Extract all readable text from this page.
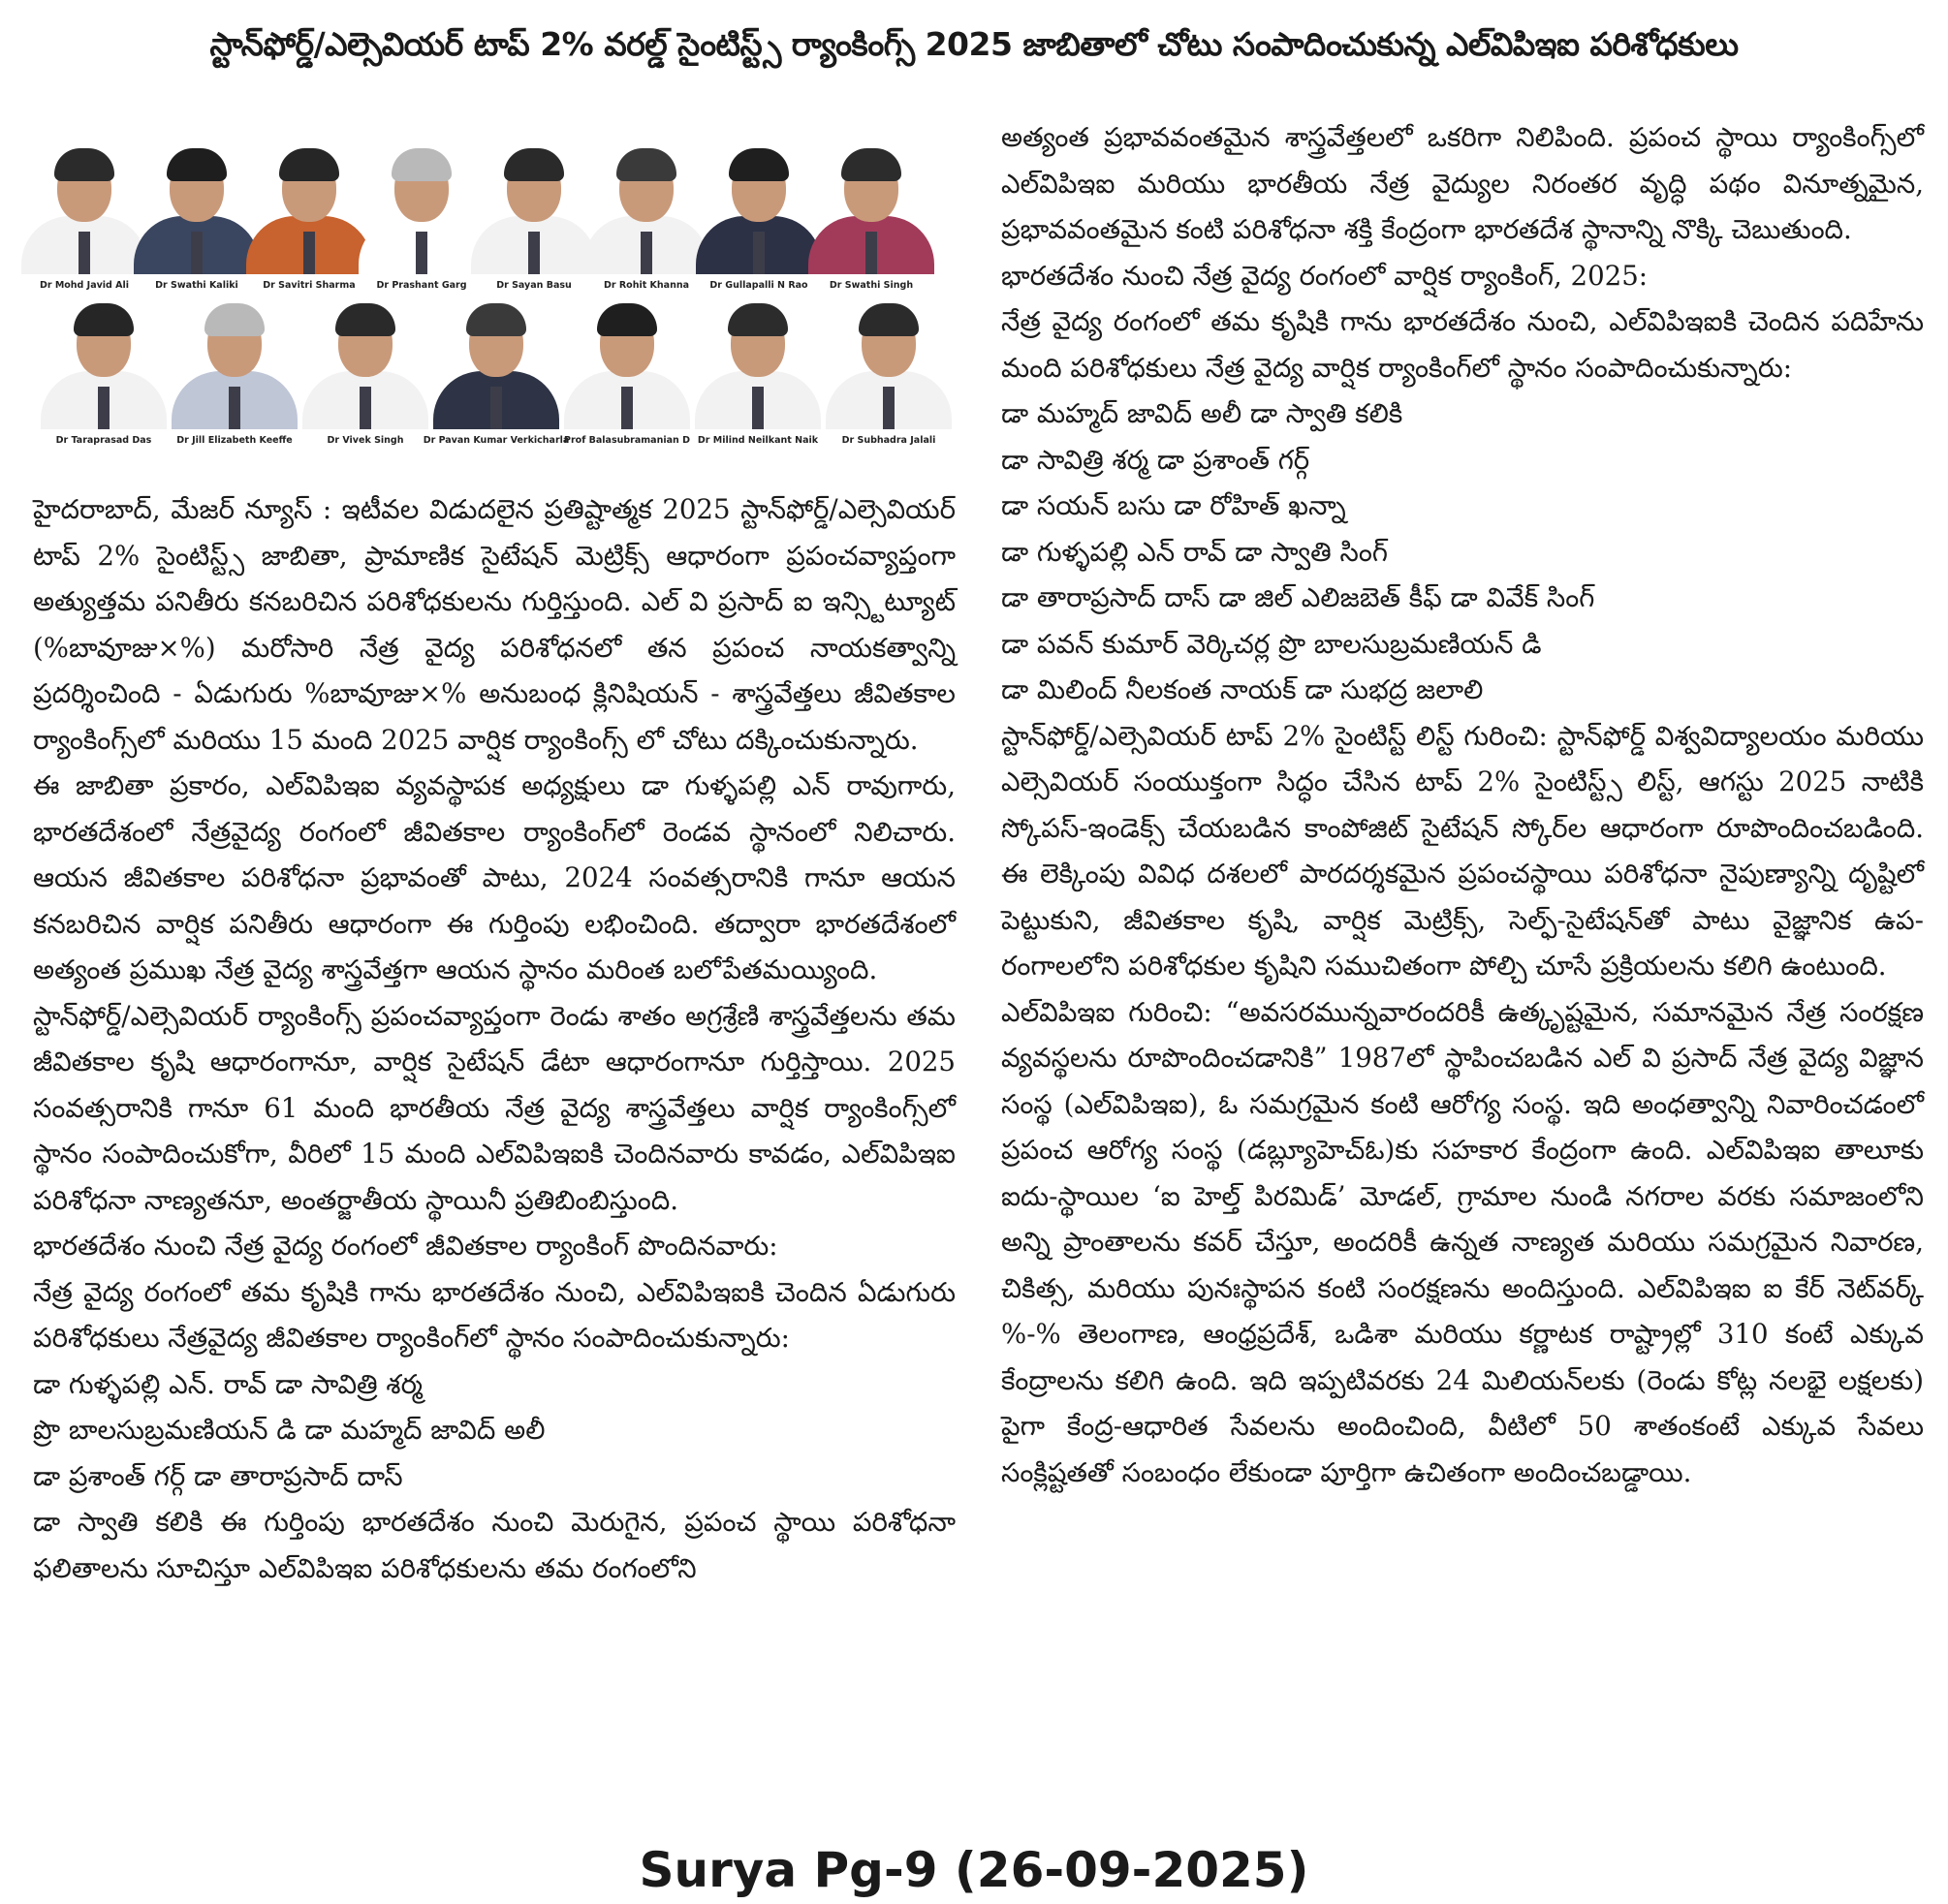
స్టాన్‌ఫోర్డ్/ఎల్సెవియర్ టాప్ 2% వరల్డ్ సైంటిస్ట్స్ ర్యాంకింగ్స్ 2025 జాబితాలో చోటు సంపాదించుకున్న ఎల్‌విపిఇఐ పరిశోధకులు
Dr Mohd Javid Ali	Dr Swathi Kaliki	Dr Savitri Sharma	Dr Prashant Garg	Dr Sayan Basu	Dr Rohit Khanna	Dr Gullapalli N Rao	Dr Swathi Singh
Dr Taraprasad Das	Dr Jill Elizabeth Keeffe	Dr Vivek Singh	Dr Pavan Kumar Verkicharla
Prof Balasubramanian D Dr Milind Neilkant Naik	Dr Subhadra Jalali

హైదరాబాద్, మేజర్ న్యూస్ : ఇటీవల విడుదలైన ప్రతిష్టాత్మక 2025 స్టాన్‌ఫోర్డ్/ఎల్సెవియర్ టాప్ 2% సైంటిస్ట్స్ జాబితా, ప్రామాణిక సైటేషన్ మెట్రిక్స్ ఆధారంగా ప్రపంచవ్యాప్తంగా అత్యుత్తమ పనితీరు కనబరిచిన పరిశోధకులను గుర్తిస్తుంది. ఎల్ వి ప్రసాద్ ఐ ఇన్స్టిట్యూట్ (%బావూజు×%) మరోసారి నేత్ర వైద్య పరిశోధనలో తన ప్రపంచ నాయకత్వాన్ని ప్రదర్శించింది - ఏడుగురు %బావూజు×% అనుబంధ క్లినిషియన్ - శాస్త్రవేత్తలు జీవితకాల ర్యాంకింగ్స్‌లో మరియు 15 మంది 2025 వార్షిక ర్యాంకింగ్స్ లో చోటు దక్కించుకున్నారు.

ఈ జాబితా ప్రకారం, ఎల్‌విపిఇఐ వ్యవస్థాపక అధ్యక్షులు డా గుళ్ళపల్లి ఎన్ రావుగారు, భారతదేశంలో నేత్రవైద్య రంగంలో జీవితకాల ర్యాంకింగ్‌లో రెండవ స్థానంలో నిలిచారు. ఆయన జీవితకాల పరిశోధనా ప్రభావంతో పాటు, 2024 సంవత్సరానికి గానూ ఆయన కనబరిచిన వార్షిక పనితీరు ఆధారంగా ఈ గుర్తింపు లభించింది. తద్వారా భారతదేశంలో అత్యంత ప్రముఖ నేత్ర వైద్య శాస్త్రవేత్తగా ఆయన స్థానం మరింత బలోపేతమయ్యింది.

స్టాన్‌ఫోర్డ్/ఎల్సెవియర్ ర్యాంకింగ్స్ ప్రపంచవ్యాప్తంగా రెండు శాతం అగ్రశ్రేణి శాస్త్రవేత్తలను తమ జీవితకాల కృషి ఆధారంగానూ, వార్షిక సైటేషన్ డేటా ఆధారంగానూ గుర్తిస్తాయి. 2025 సంవత్సరానికి గానూ 61 మంది భారతీయ నేత్ర వైద్య శాస్త్రవేత్తలు వార్షిక ర్యాంకింగ్స్‌లో స్థానం సంపాదించుకోగా, వీరిలో 15 మంది ఎల్‌విపిఇఐకి చెందినవారు కావడం, ఎల్‌విపిఇఐ పరిశోధనా నాణ్యతనూ, అంతర్జాతీయ స్థాయినీ ప్రతిబింబిస్తుంది.

భారతదేశం నుంచి నేత్ర వైద్య రంగంలో జీవితకాల ర్యాంకింగ్ పొందినవారు:

నేత్ర వైద్య రంగంలో తమ కృషికి గాను భారతదేశం నుంచి, ఎల్‌విపిఇఐకి చెందిన ఏడుగురు పరిశోధకులు నేత్రవైద్య జీవితకాల ర్యాంకింగ్‌లో స్థానం సంపాదించుకున్నారు:

డా గుళ్ళపల్లి ఎన్. రావ్ డా సావిత్రి శర్మ

ప్రొ బాలసుబ్రమణియన్ డి డా మహ్మద్ జావిద్ అలీ

డా ప్రశాంత్ గర్గ్ డా తారాప్రసాద్ దాస్

డా స్వాతి కలికి ఈ గుర్తింపు భారతదేశం నుంచి మెరుగైన, ప్రపంచ స్థాయి పరిశోధనా ఫలితాలను సూచిస్తూ ఎల్‌విపిఇఐ పరిశోధకులను తమ రంగంలోని

అత్యంత ప్రభావవంతమైన శాస్త్రవేత్తలలో ఒకరిగా నిలిపింది. ప్రపంచ స్థాయి ర్యాంకింగ్స్‌లో ఎల్‌విపిఇఐ మరియు భారతీయ నేత్ర వైద్యుల నిరంతర వృద్ధి పథం వినూత్నమైన, ప్రభావవంతమైన కంటి పరిశోధనా శక్తి కేంద్రంగా భారతదేశ స్థానాన్ని నొక్కి చెబుతుంది.

భారతదేశం నుంచి నేత్ర వైద్య రంగంలో వార్షిక ర్యాంకింగ్, 2025:

నేత్ర వైద్య రంగంలో తమ కృషికి గాను భారతదేశం నుంచి, ఎల్‌విపిఇఐకి చెందిన పదిహేను మంది పరిశోధకులు నేత్ర వైద్య వార్షిక ర్యాంకింగ్‌లో స్థానం సంపాదించుకున్నారు:

డా మహ్మద్ జావిద్ అలీ డా స్వాతి కలికి

డా సావిత్రి శర్మ డా ప్రశాంత్ గర్గ్

డా సయన్ బసు డా రోహిత్ ఖన్నా

డా గుళ్ళపల్లి ఎన్ రావ్ డా స్వాతి సింగ్

డా తారాప్రసాద్ దాస్ డా జిల్ ఎలిజబెత్ కీఫ్ డా వివేక్ సింగ్

డా పవన్ కుమార్ వెర్కిచర్ల ప్రొ బాలసుబ్రమణియన్ డి

డా మిలింద్ నీలకంత నాయక్ డా సుభద్ర జలాలి

స్టాన్‌ఫోర్డ్/ఎల్సెవియర్ టాప్ 2% సైంటిస్ట్ లిస్ట్ గురించి: స్టాన్‌ఫోర్డ్ విశ్వవిద్యాలయం మరియు ఎల్సెవియర్ సంయుక్తంగా సిద్ధం చేసిన టాప్ 2% సైంటిస్ట్స్ లిస్ట్, ఆగస్టు 2025 నాటికి స్కోపస్-ఇండెక్స్ చేయబడిన కాంపోజిట్ సైటేషన్ స్కోర్‌ల ఆధారంగా రూపొందించబడింది. ఈ లెక్కింపు వివిధ దశలలో పారదర్శకమైన ప్రపంచస్థాయి పరిశోధనా నైపుణ్యాన్ని దృష్టిలో పెట్టుకుని, జీవితకాల కృషి, వార్షిక మెట్రిక్స్, సెల్ఫ్-సైటేషన్‌తో పాటు వైజ్ఞానిక ఉప-రంగాలలోని పరిశోధకుల కృషిని సముచితంగా పోల్చి చూసే ప్రక్రియలను కలిగి ఉంటుంది.

ఎల్‌విపిఇఐ గురించి: “అవసరమున్నవారందరికీ ఉత్కృష్టమైన, సమానమైన నేత్ర సంరక్షణ వ్యవస్థలను రూపొందించడానికి” 1987లో స్థాపించబడిన ఎల్ వి ప్రసాద్ నేత్ర వైద్య విజ్ఞాన సంస్థ (ఎల్‌విపిఇఐ), ఓ సమగ్రమైన కంటి ఆరోగ్య సంస్థ. ఇది అంధత్వాన్ని నివారించడంలో ప్రపంచ ఆరోగ్య సంస్థ (డబ్ల్యూహెచ్ఓ)కు సహకార కేంద్రంగా ఉంది. ఎల్‌విపిఇఐ తాలూకు ఐదు-స్థాయిల ‘ఐ హెల్త్ పిరమిడ్’ మోడల్, గ్రామాల నుండి నగరాల వరకు సమాజంలోని అన్ని ప్రాంతాలను కవర్ చేస్తూ, అందరికీ ఉన్నత నాణ్యత మరియు సమగ్రమైన నివారణ, చికిత్స, మరియు పునఃస్థాపన కంటి సంరక్షణను అందిస్తుంది. ఎల్‌విపిఇఐ ఐ కేర్ నెట్‌వర్క్ %-% తెలంగాణ, ఆంధ్రప్రదేశ్, ఒడిశా మరియు కర్ణాటక రాష్ట్రాల్లో 310 కంటే ఎక్కువ కేంద్రాలను కలిగి ఉంది. ఇది ఇప్పటివరకు 24 మిలియన్‌లకు (రెండు కోట్ల నలభై లక్షలకు) పైగా కేంద్ర-ఆధారిత సేవలను అందించింది, వీటిలో 50 శాతంకంటే ఎక్కువ సేవలు సంక్లిష్టతతో సంబంధం లేకుండా పూర్తిగా ఉచితంగా అందించబడ్డాయి.

Surya Pg-9 (26-09-2025)
